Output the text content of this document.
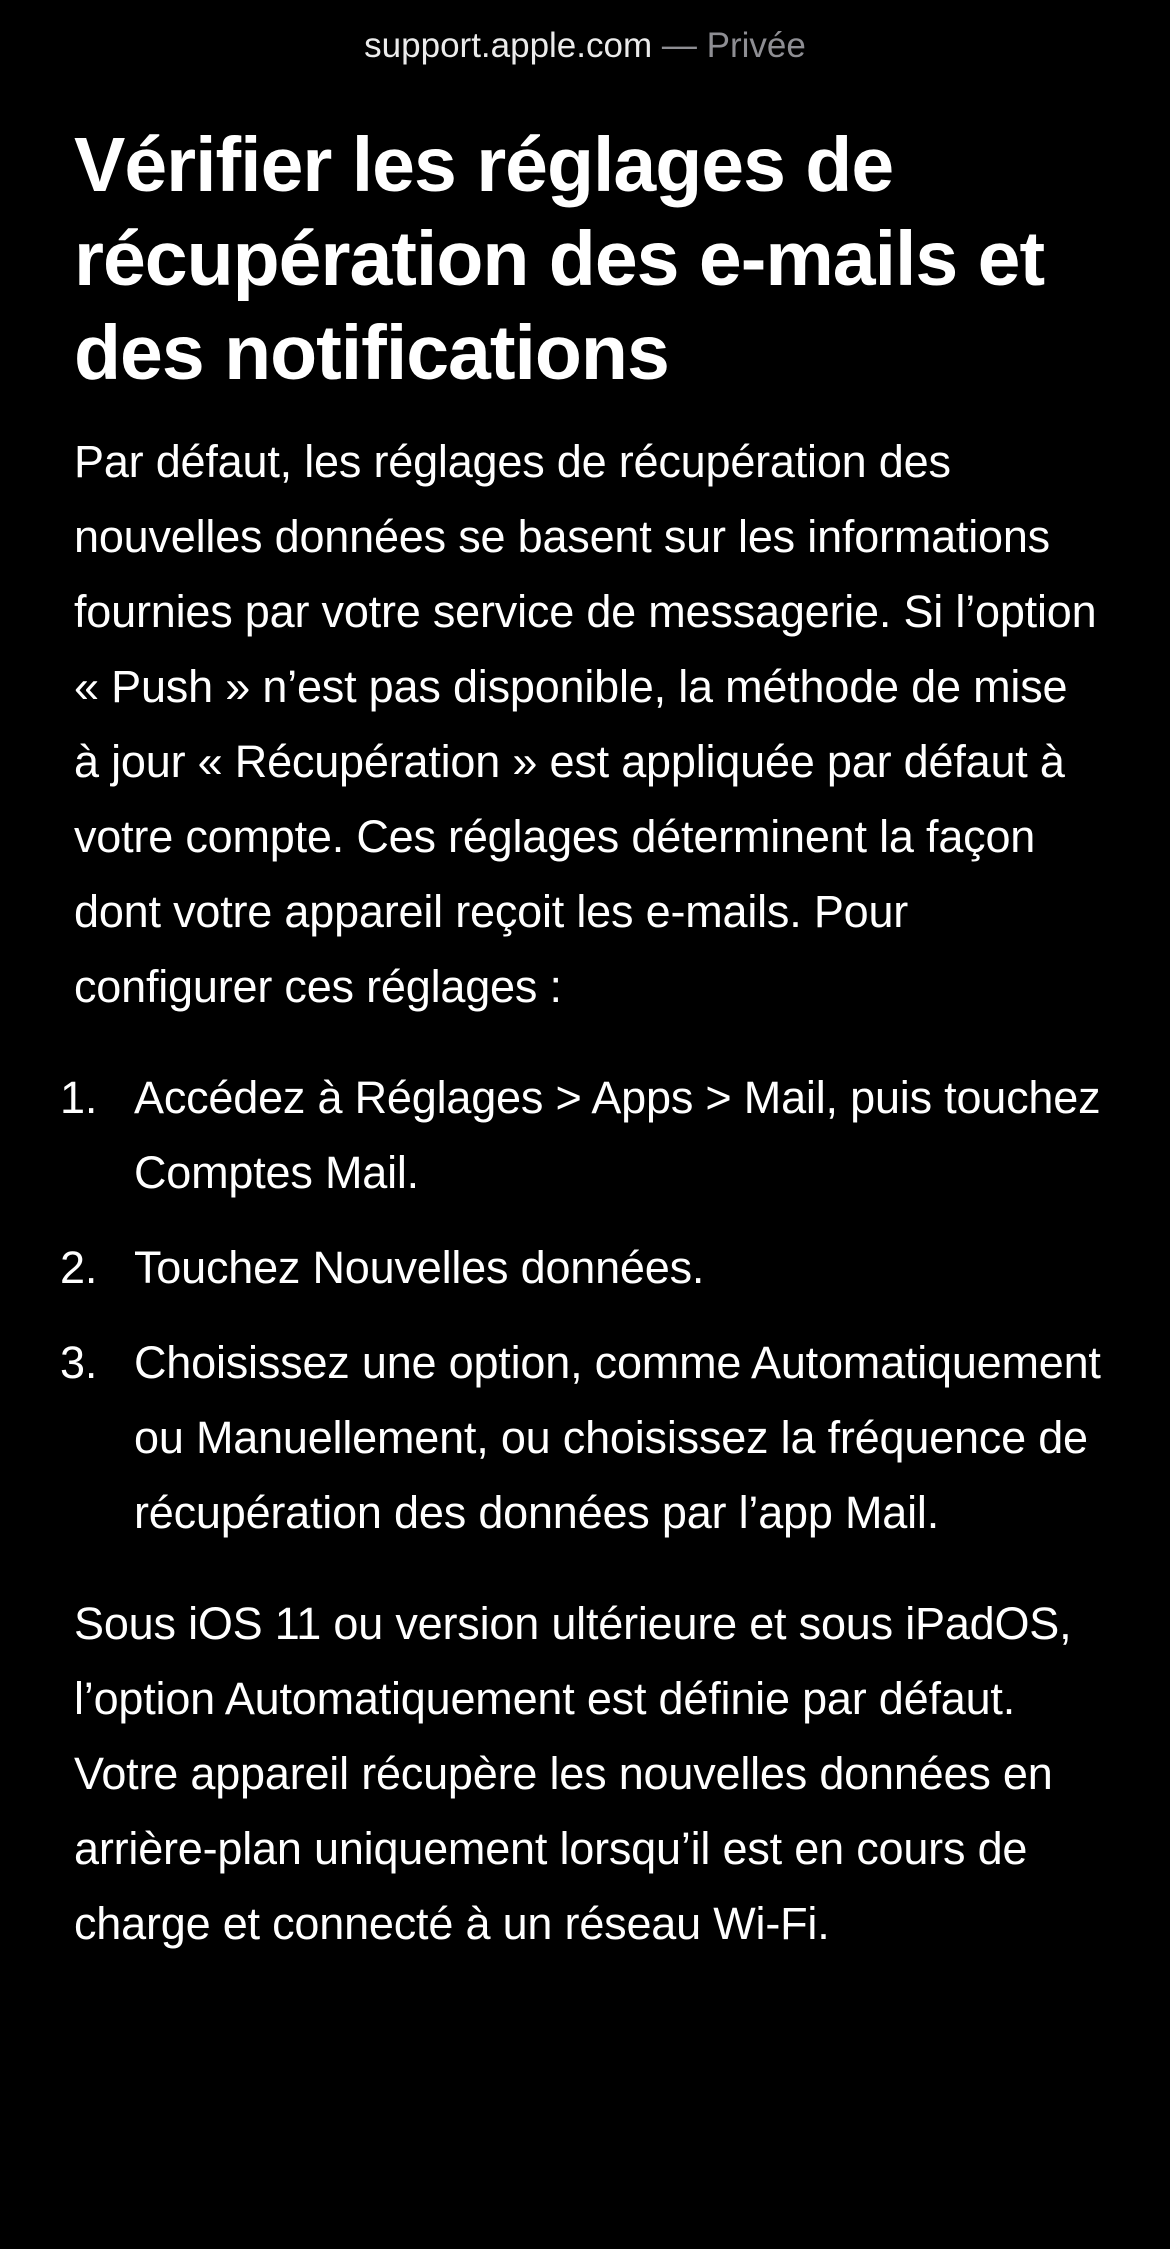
support.apple.com — Privée
Vérifier les réglages de récupération des e-mails et des notifications

Par défaut, les réglages de récupération des nouvelles données se basent sur les informations fournies par votre service de messagerie. Si l’option « Push » n’est pas disponible, la méthode de mise à jour « Récupération » est appliquée par défaut à votre compte. Ces réglages déterminent la façon dont votre appareil reçoit les e-mails. Pour configurer ces réglages :

1. Accédez à Réglages > Apps > Mail, puis touchez Comptes Mail.
2. Touchez Nouvelles données.
3. Choisissez une option, comme Automatiquement ou Manuellement, ou choisissez la fréquence de récupération des données par l’app Mail.

Sous iOS 11 ou version ultérieure et sous iPadOS, l’option Automatiquement est définie par défaut. Votre appareil récupère les nouvelles données en arrière-plan uniquement lorsqu’il est en cours de charge et connecté à un réseau Wi-Fi.
